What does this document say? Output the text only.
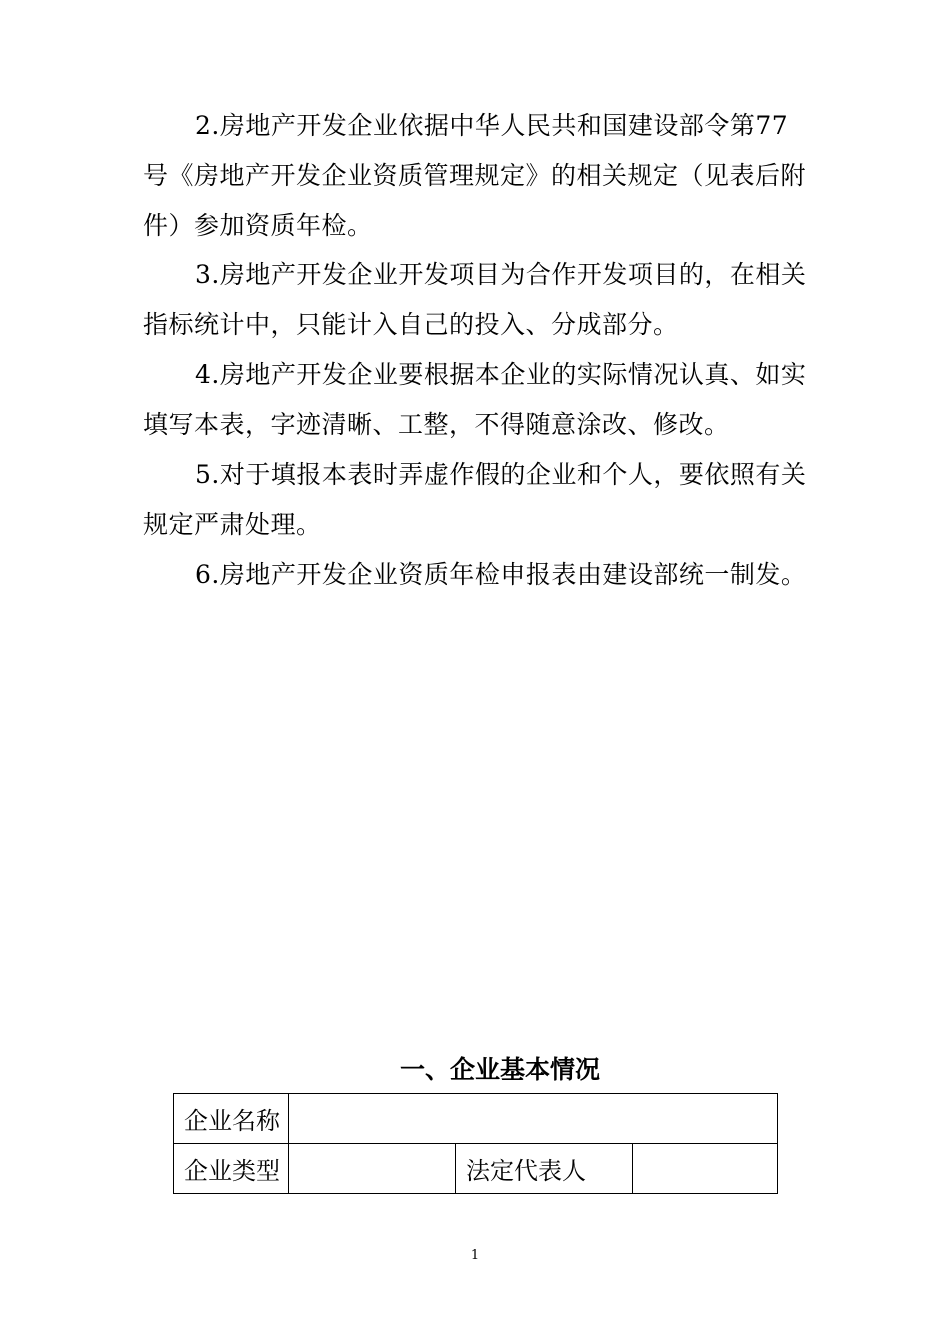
2.房地产开发企业依据中华人民共和国建设部令第77号《房地产开发企业资质管理规定》的相关规定（见表后附件）参加资质年检。

3.房地产开发企业开发项目为合作开发项目的，在相关指标统计中，只能计入自己的投入、分成部分。

4.房地产开发企业要根据本企业的实际情况认真、如实填写本表，字迹清晰、工整，不得随意涂改、修改。

5.对于填报本表时弄虚作假的企业和个人，要依照有关规定严肃处理。

6.房地产开发企业资质年检申报表由建设部统一制发。

一、企业基本情况
企业名称			
企业类型		法定代表人	
1
